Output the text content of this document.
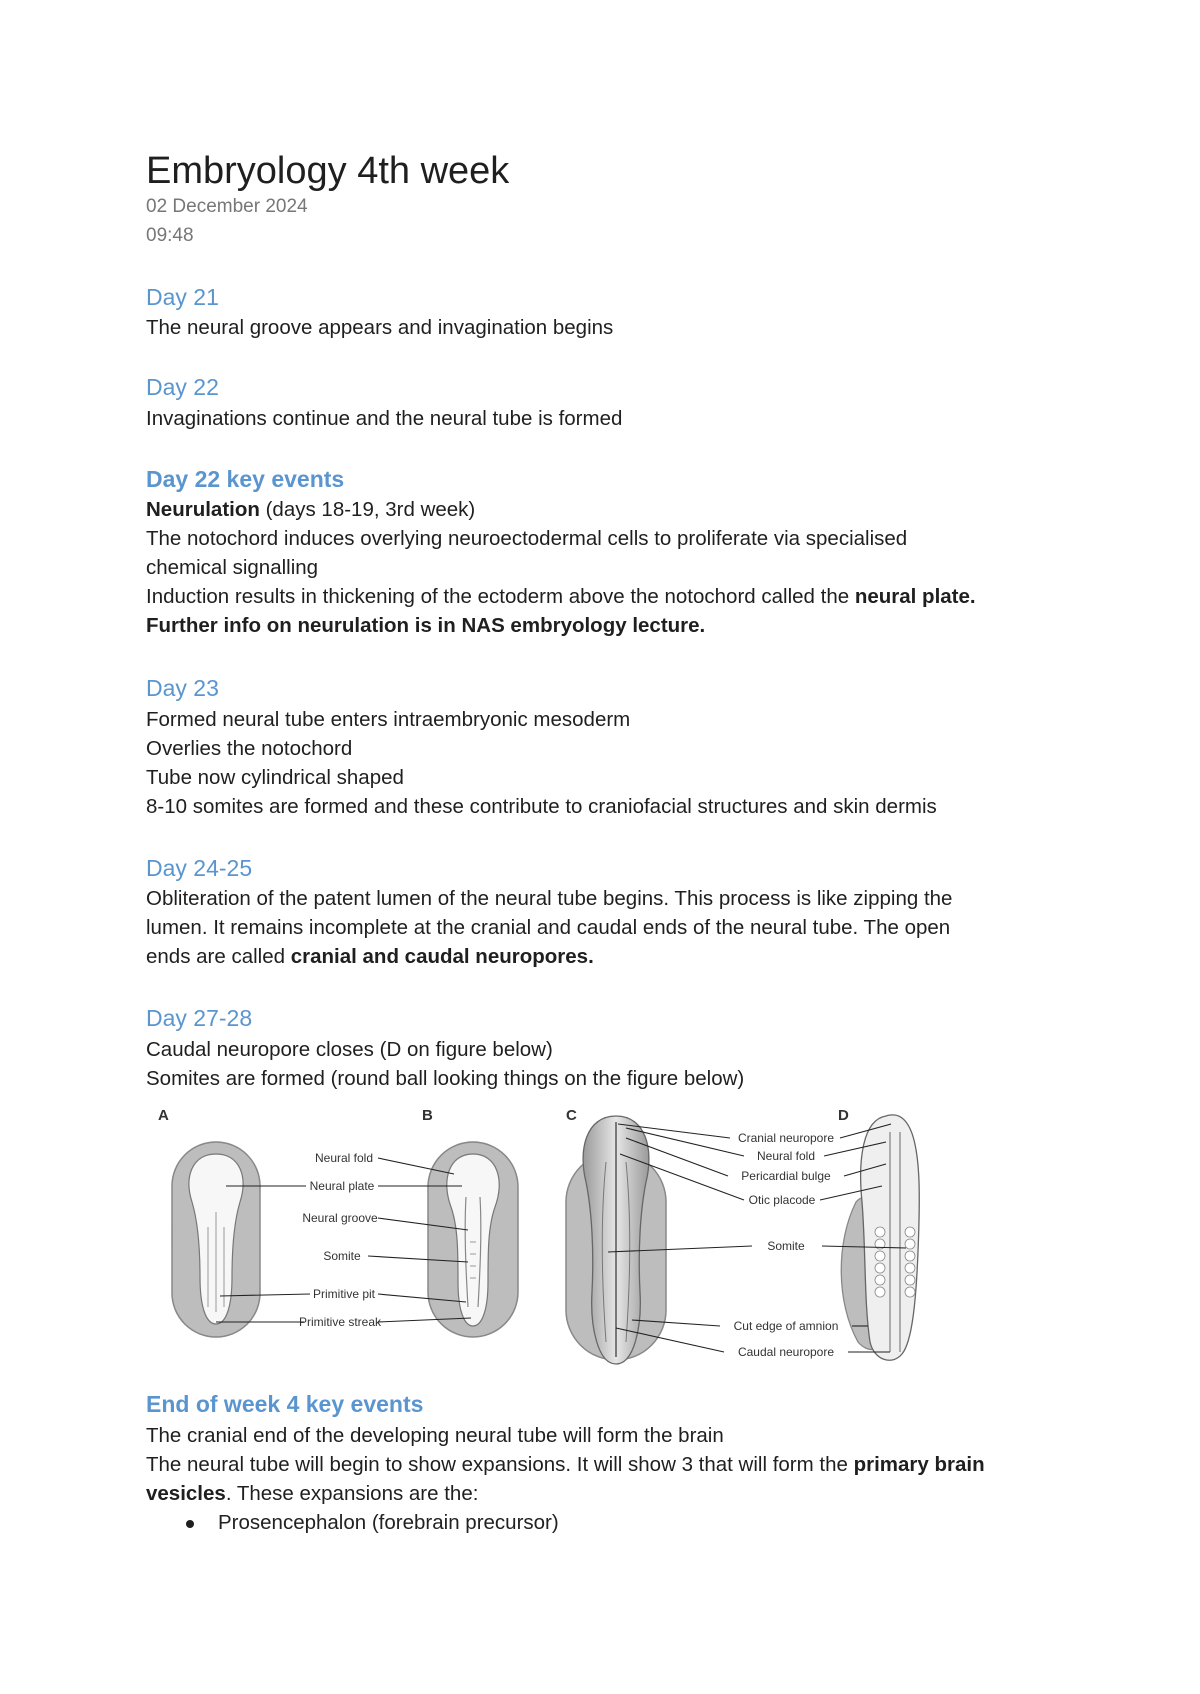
Embryology 4th week
02 December 2024
09:48
Day 21
The neural groove appears and invagination begins
Day 22
Invaginations continue and the neural tube is formed
Day 22 key events
Neurulation (days 18-19, 3rd week)
The notochord induces overlying neuroectodermal cells to proliferate via specialised
chemical signalling
Induction results in thickening of the ectoderm above the notochord called the neural plate.
Further info on neurulation is in NAS embryology lecture.
Day 23
Formed neural tube enters intraembryonic mesoderm
Overlies the notochord
Tube now cylindrical shaped
8-10 somites are formed and these contribute to craniofacial structures and skin dermis
Day 24-25
Obliteration of the patent lumen of the neural tube begins. This process is like zipping the
lumen. It remains incomplete at the cranial and caudal ends of the neural tube. The open
ends are called cranial and caudal neuropores.
Day 27-28
Caudal neuropore closes (D on figure below)
Somites are formed (round ball looking things on the figure below)
A	B	C	D
Neural fold
Neural plate
Neural groove
Somite
Primitive pit
Primitive streak
Cranial neuropore
Neural fold
Pericardial bulge
Otic placode
Somite
Cut edge of amnion
Caudal neuropore
End of week 4 key events
The cranial end of the developing neural tube will form the brain
The neural tube will begin to show expansions. It will show 3 that will form the primary brain
vesicles. These expansions are the:
Prosencephalon (forebrain precursor)
